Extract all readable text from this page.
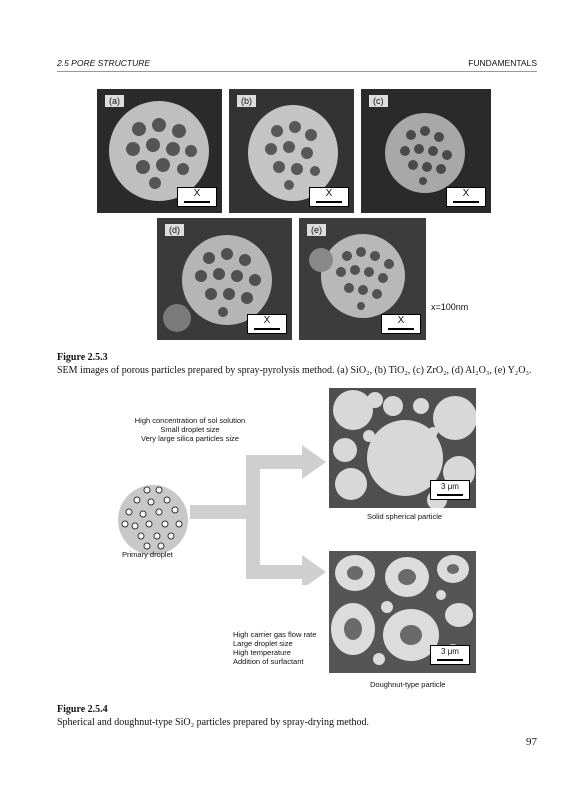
2.5 PORE STRUCTURE	FUNDAMENTALS
(a)
X
(b)
X
(c)
X
(d)
X
(e)
X
x=100nm
Figure 2.5.3
SEM images of porous particles prepared by spray-pyrolysis method. (a) SiO₂, (b) TiO₂, (c) ZrO₂, (d) Al₂O₃, (e) Y₂O₃.
High concentration of sol solution
Small droplet size
Very large silica particles size
Primary droplet
3 μm
Solid spherical particle
3 μm
Doughnut-type particle
High carrier gas flow rate
Large droplet size
High temperature
Addition of surfactant
Figure 2.5.4
Spherical and doughnut-type SiO₂ particles prepared by spray-drying method.
97
